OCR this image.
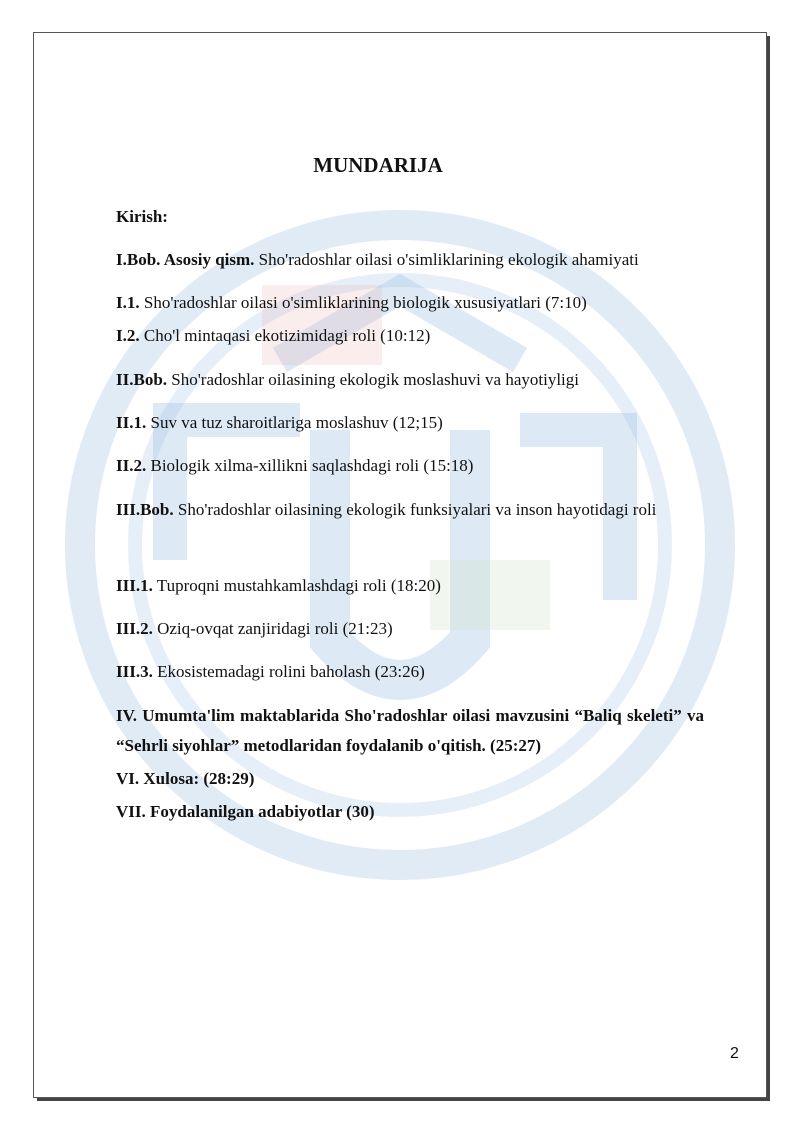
MUNDARIJA

Kirish:

I.Bob. Asosiy qism. Sho'radoshlar oilasi o'simliklarining ekologik ahamiyati

I.1. Sho'radoshlar oilasi o'simliklarining biologik xususiyatlari (7:10)

I.2. Cho'l mintaqasi ekotizimidagi roli (10:12)

II.Bob. Sho'radoshlar oilasining ekologik moslashuvi va hayotiyligi

II.1. Suv va tuz sharoitlariga moslashuv (12;15)

II.2. Biologik xilma-xillikni saqlashdagi roli (15:18)

III.Bob. Sho'radoshlar oilasining ekologik funksiyalari va inson hayotidagi roli

III.1. Tuproqni mustahkamlashdagi roli (18:20)

III.2. Oziq-ovqat zanjiridagi roli (21:23)

III.3. Ekosistemadagi rolini baholash (23:26)

IV. Umumta'lim maktablarida Sho'radoshlar oilasi mavzusini “Baliq skeleti” va “Sehrli siyohlar” metodlaridan foydalanib o'qitish. (25:27)

VI. Xulosa: (28:29)

VII. Foydalanilgan adabiyotlar (30)

2
